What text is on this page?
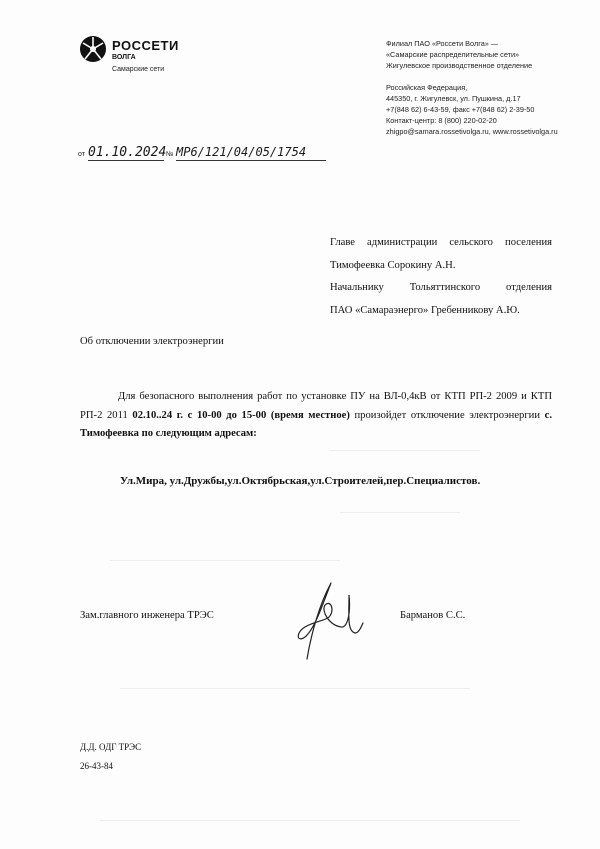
РОССЕТИ
ВОЛГА
Самарские сети
Филиал ПАО «Россети Волга» —
«Самарские распределительные сети»
Жигулевское производственное отделение
Российская Федерация,
445350, г. Жигулевск, ул. Пушкина, д.17
+7(848 62) 6-43-59, факс +7(848 62) 2-39-50
Контакт-центр: 8 (800) 220-02-20
zhigpo@samara.rossetivolga.ru, www.rossetivolga.ru
от 01.10.2024 № МР6/121/04/05/1754
Главе администрации сельского поселения
Тимофеевка Сорокину А.Н.
Начальнику Тольяттинского отделения
ПАО «Самараэнерго» Гребенникову А.Ю.
Об отключении электроэнергии

Для безопасного выполнения работ по установке ПУ на ВЛ-0,4кВ от КТП РП-2 2009 и КТП РП-2 2011 02.10..24 г. с 10-00 до 15-00 (время местное) произойдет отключение электроэнергии с. Тимофеевка по следующим адресам:

Ул.Мира, ул.Дружбы,ул.Октябрьская,ул.Строителей,пер.Специалистов.
Зам.главного инженера ТРЭС	Барманов С.С.
Д.Д. ОДГ ТРЭС
26-43-84
